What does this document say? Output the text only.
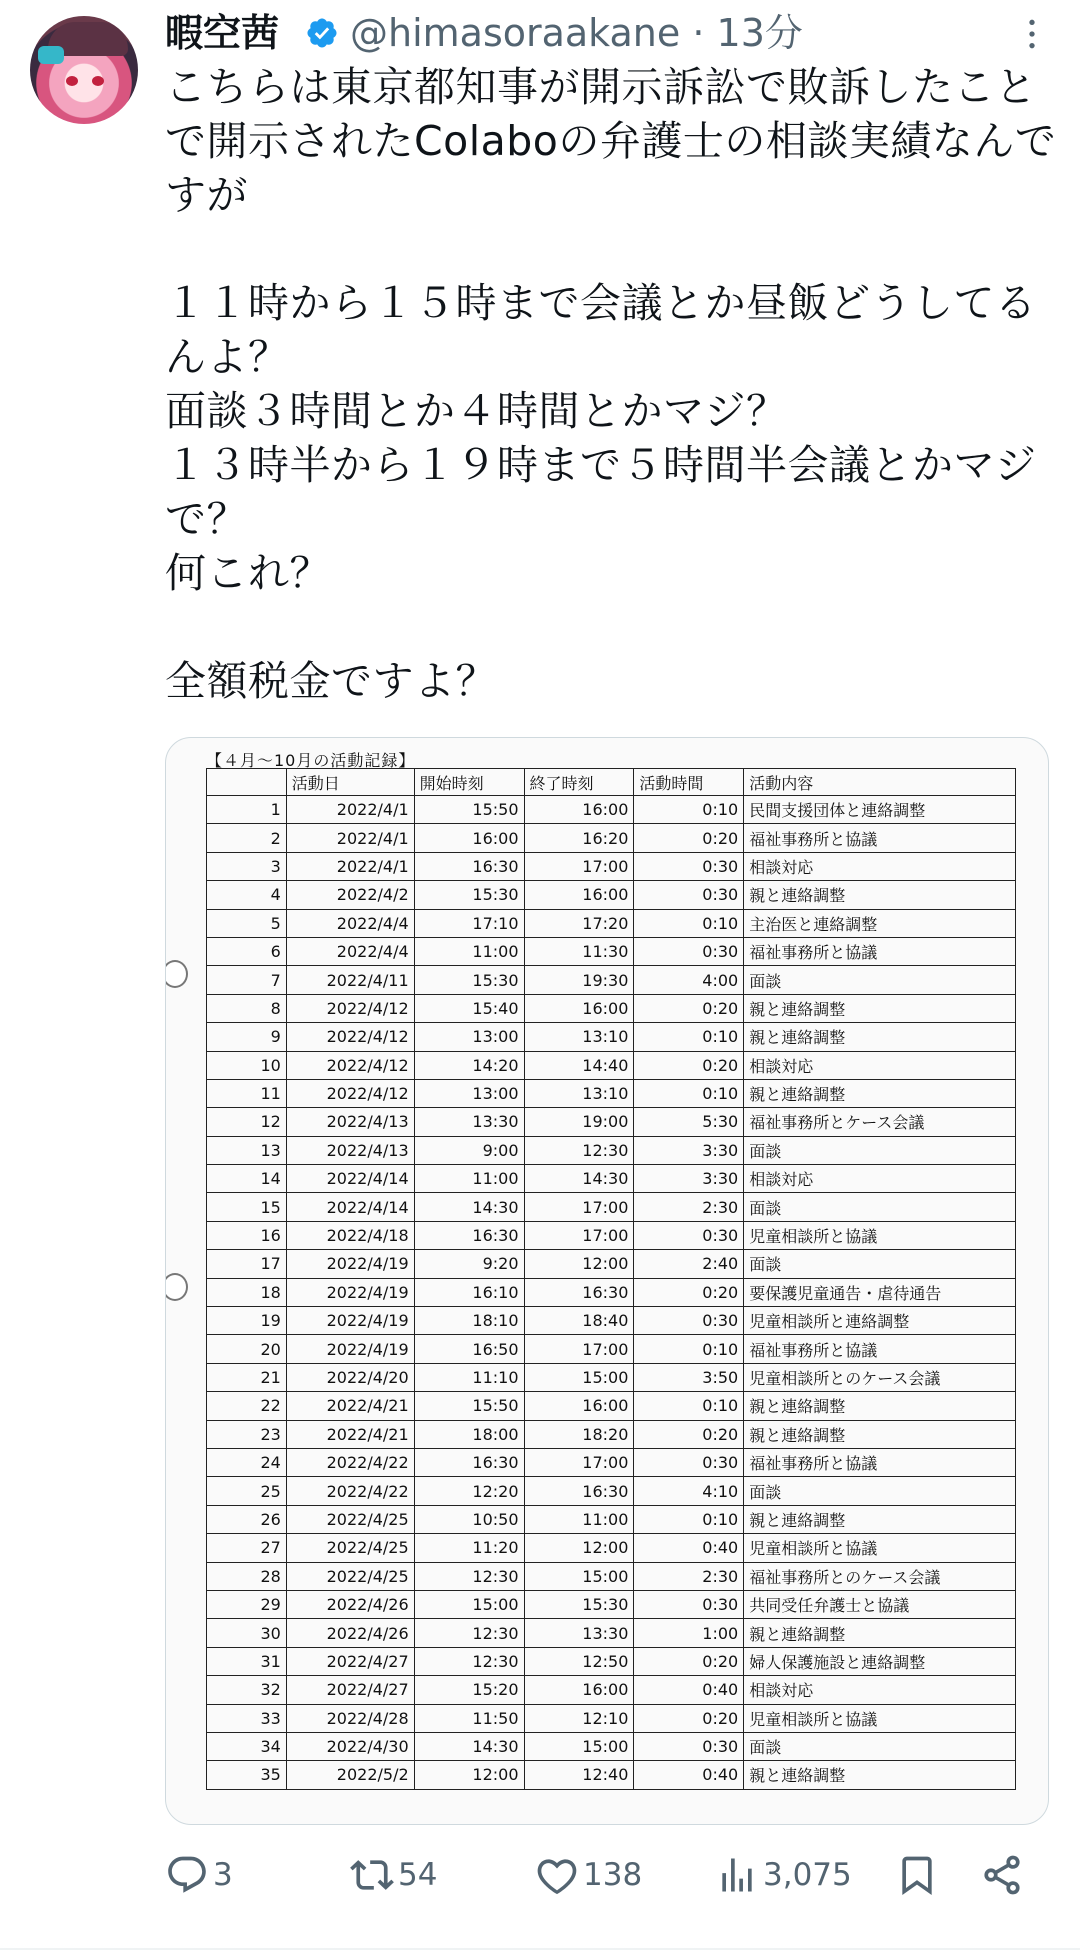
暇空茜 @himasoraakane · 13分
こちらは東京都知事が開示訴訟で敗訴したことで開示されたColaboの弁護士の相談実績なんですが

１１時から１５時まで会議とか昼飯どうしてるんよ？
面談３時間とか４時間とかマジ？
１３時半から１９時まで５時間半会議とかマジで？
何これ？

全額税金ですよ？
【４月～10月の活動記録】
	活動日	開始時刻	終了時刻	活動時間	活動内容
1	2022/4/1	15:50	16:00	0:10	民間支援団体と連絡調整
2	2022/4/1	16:00	16:20	0:20	福祉事務所と協議
3	2022/4/1	16:30	17:00	0:30	相談対応
4	2022/4/2	15:30	16:00	0:30	親と連絡調整
5	2022/4/4	17:10	17:20	0:10	主治医と連絡調整
6	2022/4/4	11:00	11:30	0:30	福祉事務所と協議
7	2022/4/11	15:30	19:30	4:00	面談
8	2022/4/12	15:40	16:00	0:20	親と連絡調整
9	2022/4/12	13:00	13:10	0:10	親と連絡調整
10	2022/4/12	14:20	14:40	0:20	相談対応
11	2022/4/12	13:00	13:10	0:10	親と連絡調整
12	2022/4/13	13:30	19:00	5:30	福祉事務所とケース会議
13	2022/4/13	9:00	12:30	3:30	面談
14	2022/4/14	11:00	14:30	3:30	相談対応
15	2022/4/14	14:30	17:00	2:30	面談
16	2022/4/18	16:30	17:00	0:30	児童相談所と協議
17	2022/4/19	9:20	12:00	2:40	面談
18	2022/4/19	16:10	16:30	0:20	要保護児童通告・虐待通告
19	2022/4/19	18:10	18:40	0:30	児童相談所と連絡調整
20	2022/4/19	16:50	17:00	0:10	福祉事務所と協議
21	2022/4/20	11:10	15:00	3:50	児童相談所とのケース会議
22	2022/4/21	15:50	16:00	0:10	親と連絡調整
23	2022/4/21	18:00	18:20	0:20	親と連絡調整
24	2022/4/22	16:30	17:00	0:30	福祉事務所と協議
25	2022/4/22	12:20	16:30	4:10	面談
26	2022/4/25	10:50	11:00	0:10	親と連絡調整
27	2022/4/25	11:20	12:00	0:40	児童相談所と協議
28	2022/4/25	12:30	15:00	2:30	福祉事務所とのケース会議
29	2022/4/26	15:00	15:30	0:30	共同受任弁護士と協議
30	2022/4/26	12:30	13:30	1:00	親と連絡調整
31	2022/4/27	12:30	12:50	0:20	婦人保護施設と連絡調整
32	2022/4/27	15:20	16:00	0:40	相談対応
33	2022/4/28	11:50	12:10	0:20	児童相談所と協議
34	2022/4/30	14:30	15:00	0:30	面談
35	2022/5/2	12:00	12:40	0:40	親と連絡調整
3	54	138	3,075
